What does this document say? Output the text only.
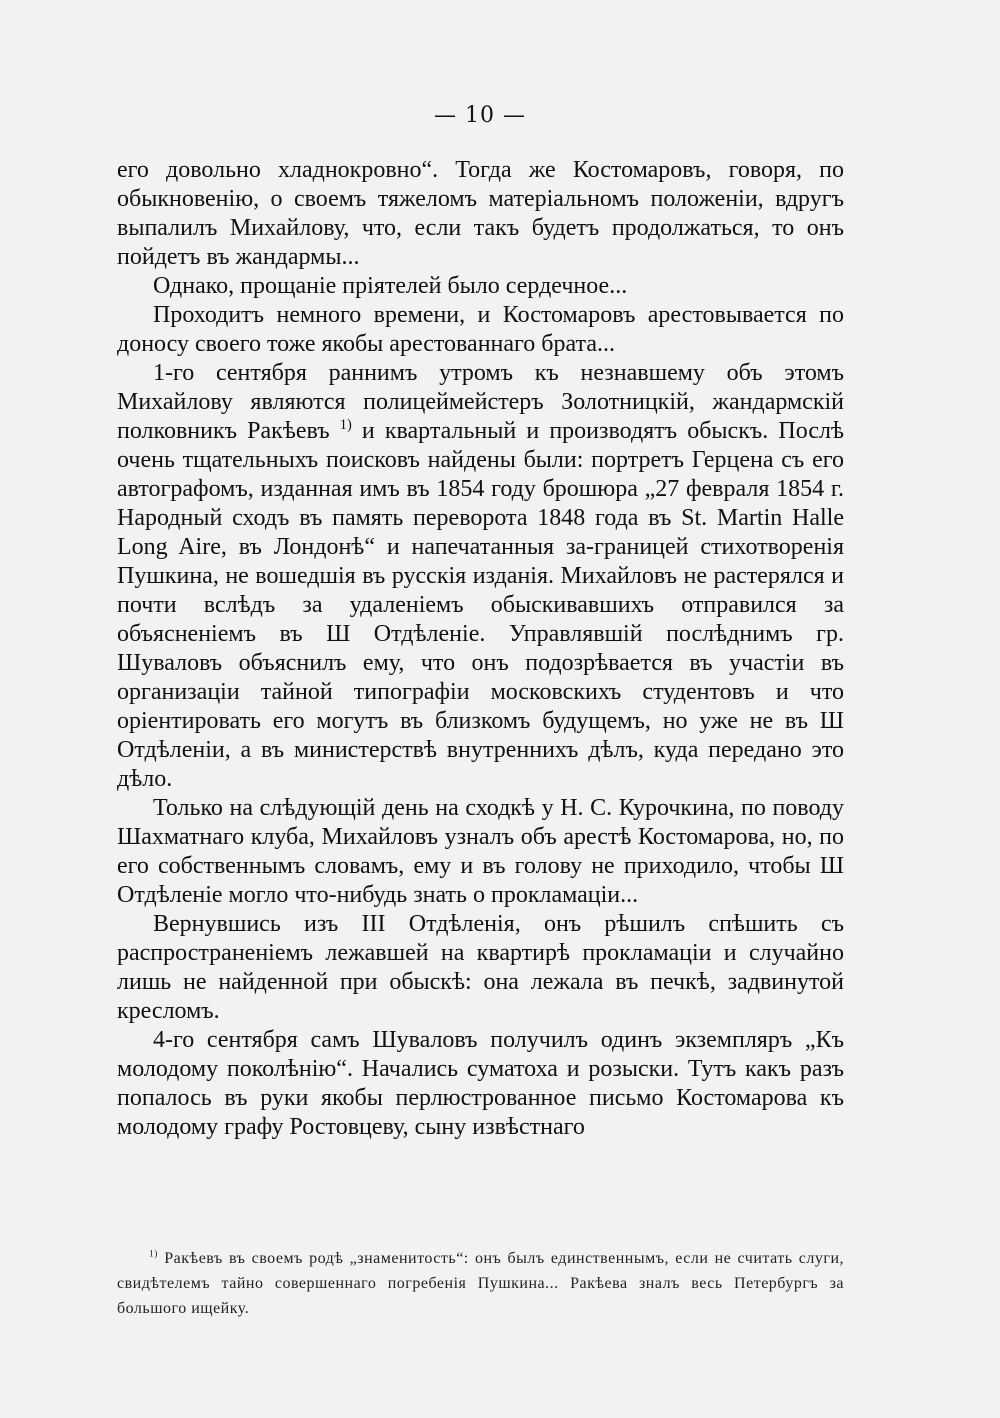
— 10 —

его довольно хладнокровно“. Тогда же Костомаровъ, говоря, по обыкновенію, о своемъ тяжеломъ матеріальномъ положеніи, вдругъ выпалилъ Михайлову, что, если такъ будетъ продолжаться, то онъ пойдетъ въ жандармы...

Однако, прощаніе пріятелей было сердечное...

Проходитъ немного времени, и Костомаровъ арестовывается по доносу своего тоже якобы арестованнаго брата...

1-го сентября раннимъ утромъ къ незнавшему объ этомъ Михайлову являются полицеймейстеръ Золотницкій, жандармскій полковникъ Ракѣевъ $^{1)}$ и квартальный и производятъ обыскъ. Послѣ очень тщательныхъ поисковъ найдены были: портретъ Герцена съ его автографомъ, изданная имъ въ 1854 году брошюра „27 февраля 1854 г. Народный сходъ въ память переворота 1848 года въ St. Martin Halle Long Aire, въ Лондонѣ“ и напечатанныя за-границей стихотворенія Пушкина, не вошедшія въ русскія изданія. Михайловъ не растерялся и почти вслѣдъ за удаленіемъ обыскивавшихъ отправился за объясненіемъ въ Ш Отдѣленіе. Управлявшій послѣднимъ гр. Шуваловъ объяснилъ ему, что онъ подозрѣвается въ участіи въ организаціи тайной типографіи московскихъ студентовъ и что оріентировать его могутъ въ близкомъ будущемъ, но уже не въ Ш Отдѣленіи, а въ министерствѣ внутреннихъ дѣлъ, куда передано это дѣло.

Только на слѣдующій день на сходкѣ у Н. С. Курочкина, по поводу Шахматнаго клуба, Михайловъ узналъ объ арестѣ Костомарова, но, по его собственнымъ словамъ, ему и въ голову не приходило, чтобы Ш Отдѣленіе могло что-нибудь знать о прокламаціи...

Вернувшись изъ III Отдѣленія, онъ рѣшилъ спѣшить съ распространеніемъ лежавшей на квартирѣ прокламаціи и случайно лишь не найденной при обыскѣ: она лежала въ печкѣ, задвинутой кресломъ.

4-го сентября самъ Шуваловъ получилъ одинъ экземпляръ „Къ молодому поколѣнію“. Начались суматоха и розыски. Тутъ какъ разъ попалось въ руки якобы перлюстрованное письмо Костомарова къ молодому графу Ростовцеву, сыну извѣстнаго

$^{1)}$ Ракѣевъ въ своемъ родѣ „знаменитость“: онъ былъ единственнымъ, если не считать слуги, свидѣтелемъ тайно совершеннаго погребенія Пушкина... Ракѣева зналъ весь Петербургъ за большого ищейку.
